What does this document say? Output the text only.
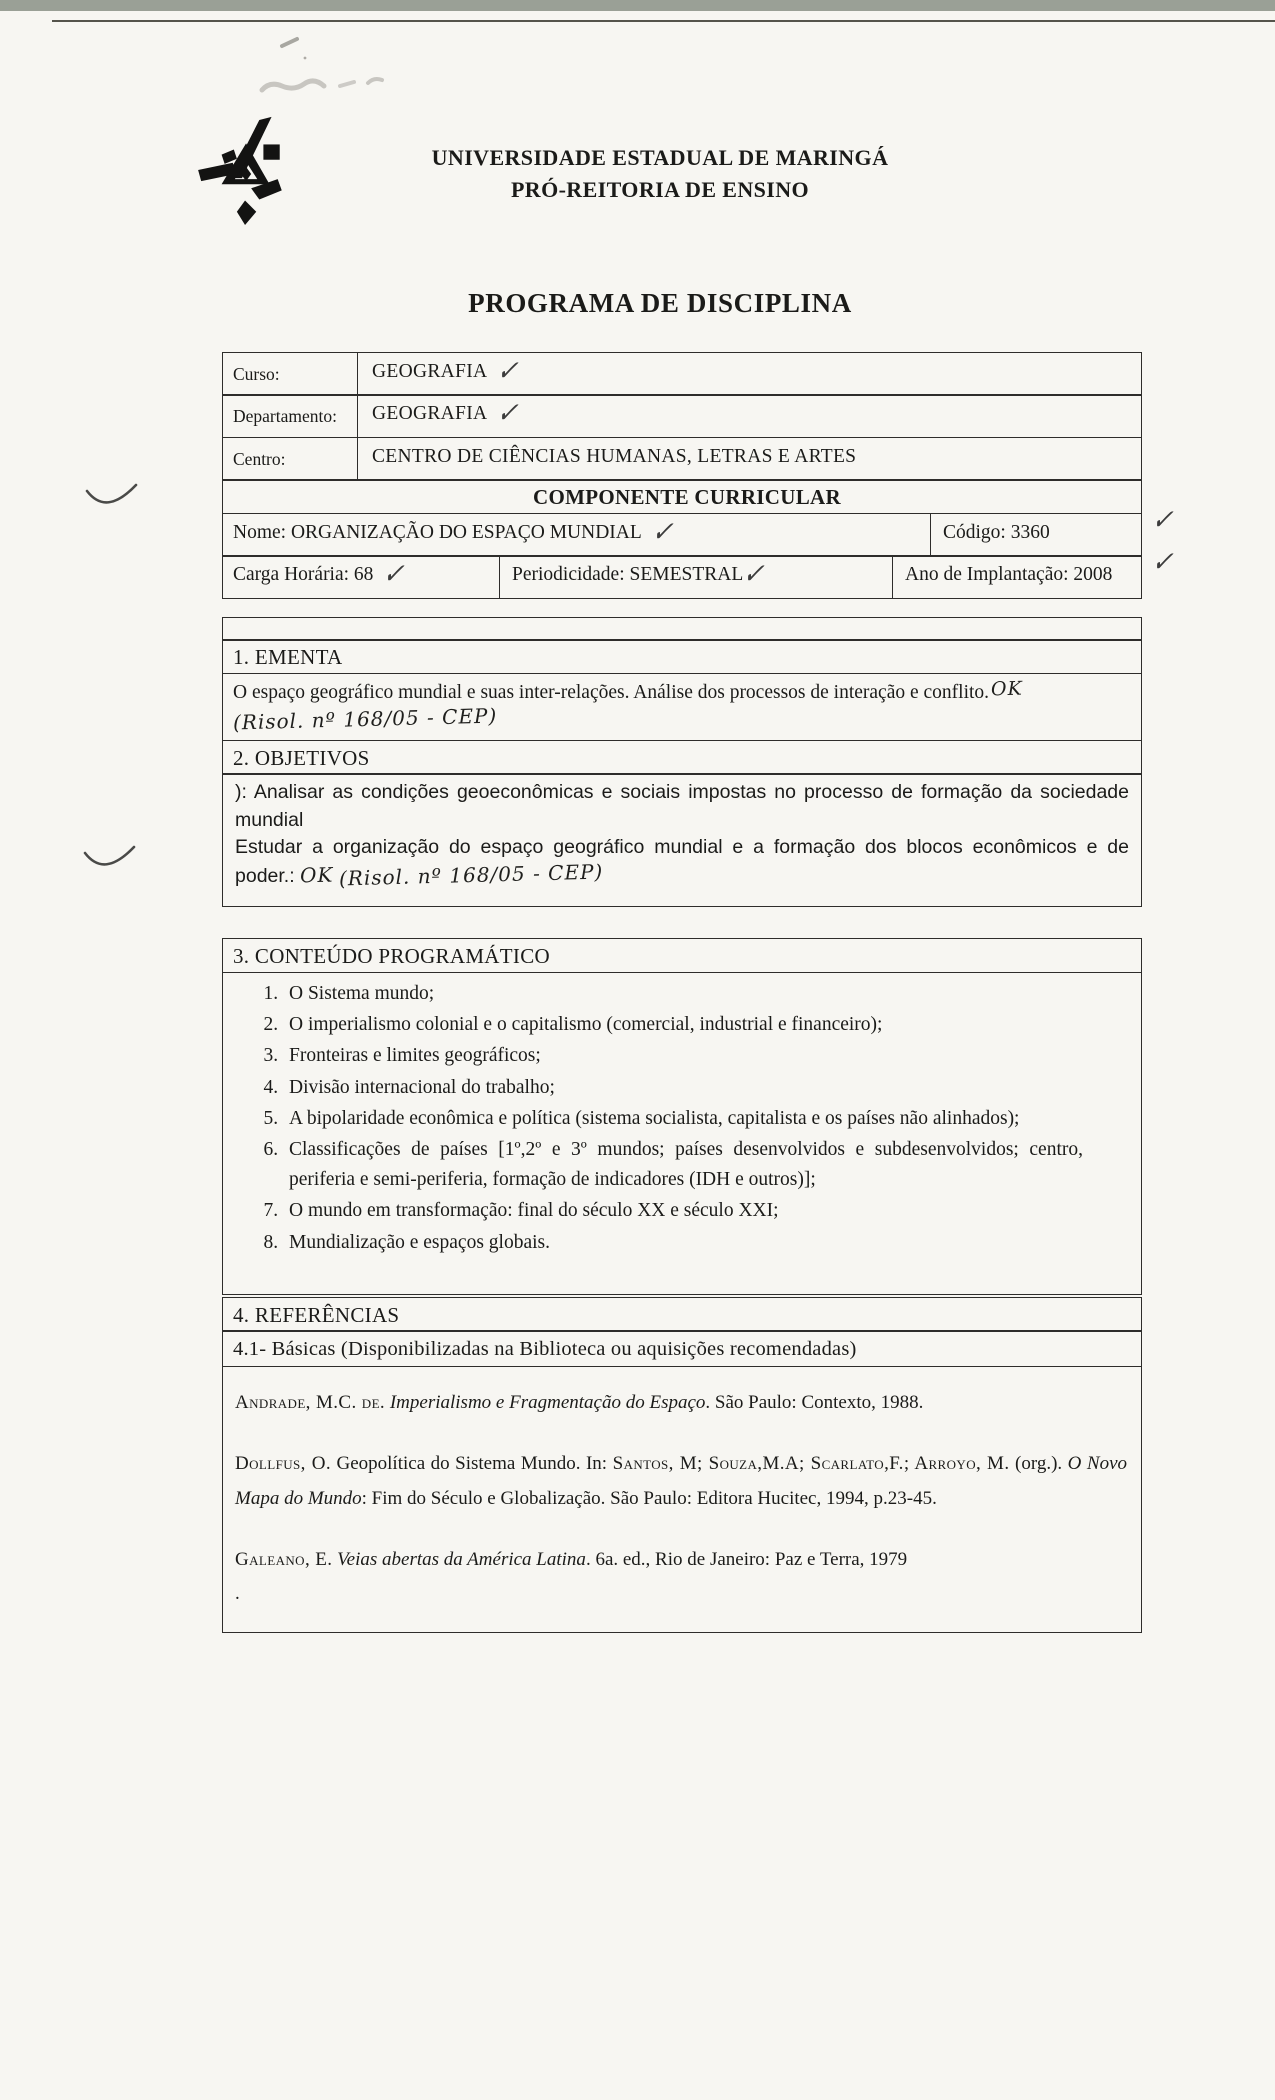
UNIVERSIDADE ESTADUAL DE MARINGÁ
PRÓ-REITORIA DE ENSINO
PROGRAMA DE DISCIPLINA
Curso:	GEOGRAFIA ✓
Departamento:	GEOGRAFIA ✓
Centro:	CENTRO DE CIÊNCIAS HUMANAS, LETRAS E ARTES
COMPONENTE CURRICULAR
Nome: ORGANIZAÇÃO DO ESPAÇO MUNDIAL ✓	Código: 3360	✓
Carga Horária: 68 ✓	Periodicidade: SEMESTRAL✓	Ano de Implantação: 2008 ✓
1. EMENTA
O espaço geográfico mundial e suas inter-relações. Análise dos processos de interação e conflito.OK
(Risol. nº 168/05 - CEP)
2. OBJETIVOS

): Analisar as condições geoeconômicas e sociais impostas no processo de formação da sociedade mundial

Estudar a organização do espaço geográfico mundial e a formação dos blocos econômicos e de poder.: OK (Risol. nº 168/05 - CEP)

3. CONTEÚDO PROGRAMÁTICO
1. O Sistema mundo;
2. O imperialismo colonial e o capitalismo (comercial, industrial e financeiro);
3. Fronteiras e limites geográficos;
4. Divisão internacional do trabalho;
5. A bipolaridade econômica e política (sistema socialista, capitalista e os países não alinhados);
6. Classificações de países [1º,2º e 3º mundos; países desenvolvidos e subdesenvolvidos; centro, periferia e semi-periferia, formação de indicadores (IDH e outros)];
7. O mundo em transformação: final do século XX e século XXI;
8. Mundialização e espaços globais.
4. REFERÊNCIAS
4.1- Básicas (Disponibilizadas na Biblioteca ou aquisições recomendadas)

Andrade, M.C. de. Imperialismo e Fragmentação do Espaço. São Paulo: Contexto, 1988.

Dollfus, O. Geopolítica do Sistema Mundo. In: Santos, M; Souza,M.A; Scarlato,F.; Arroyo, M. (org.). O Novo Mapa do Mundo: Fim do Século e Globalização. São Paulo: Editora Hucitec, 1994, p.23-45.

Galeano, E. Veias abertas da América Latina. 6a. ed., Rio de Janeiro: Paz e Terra, 1979

.
